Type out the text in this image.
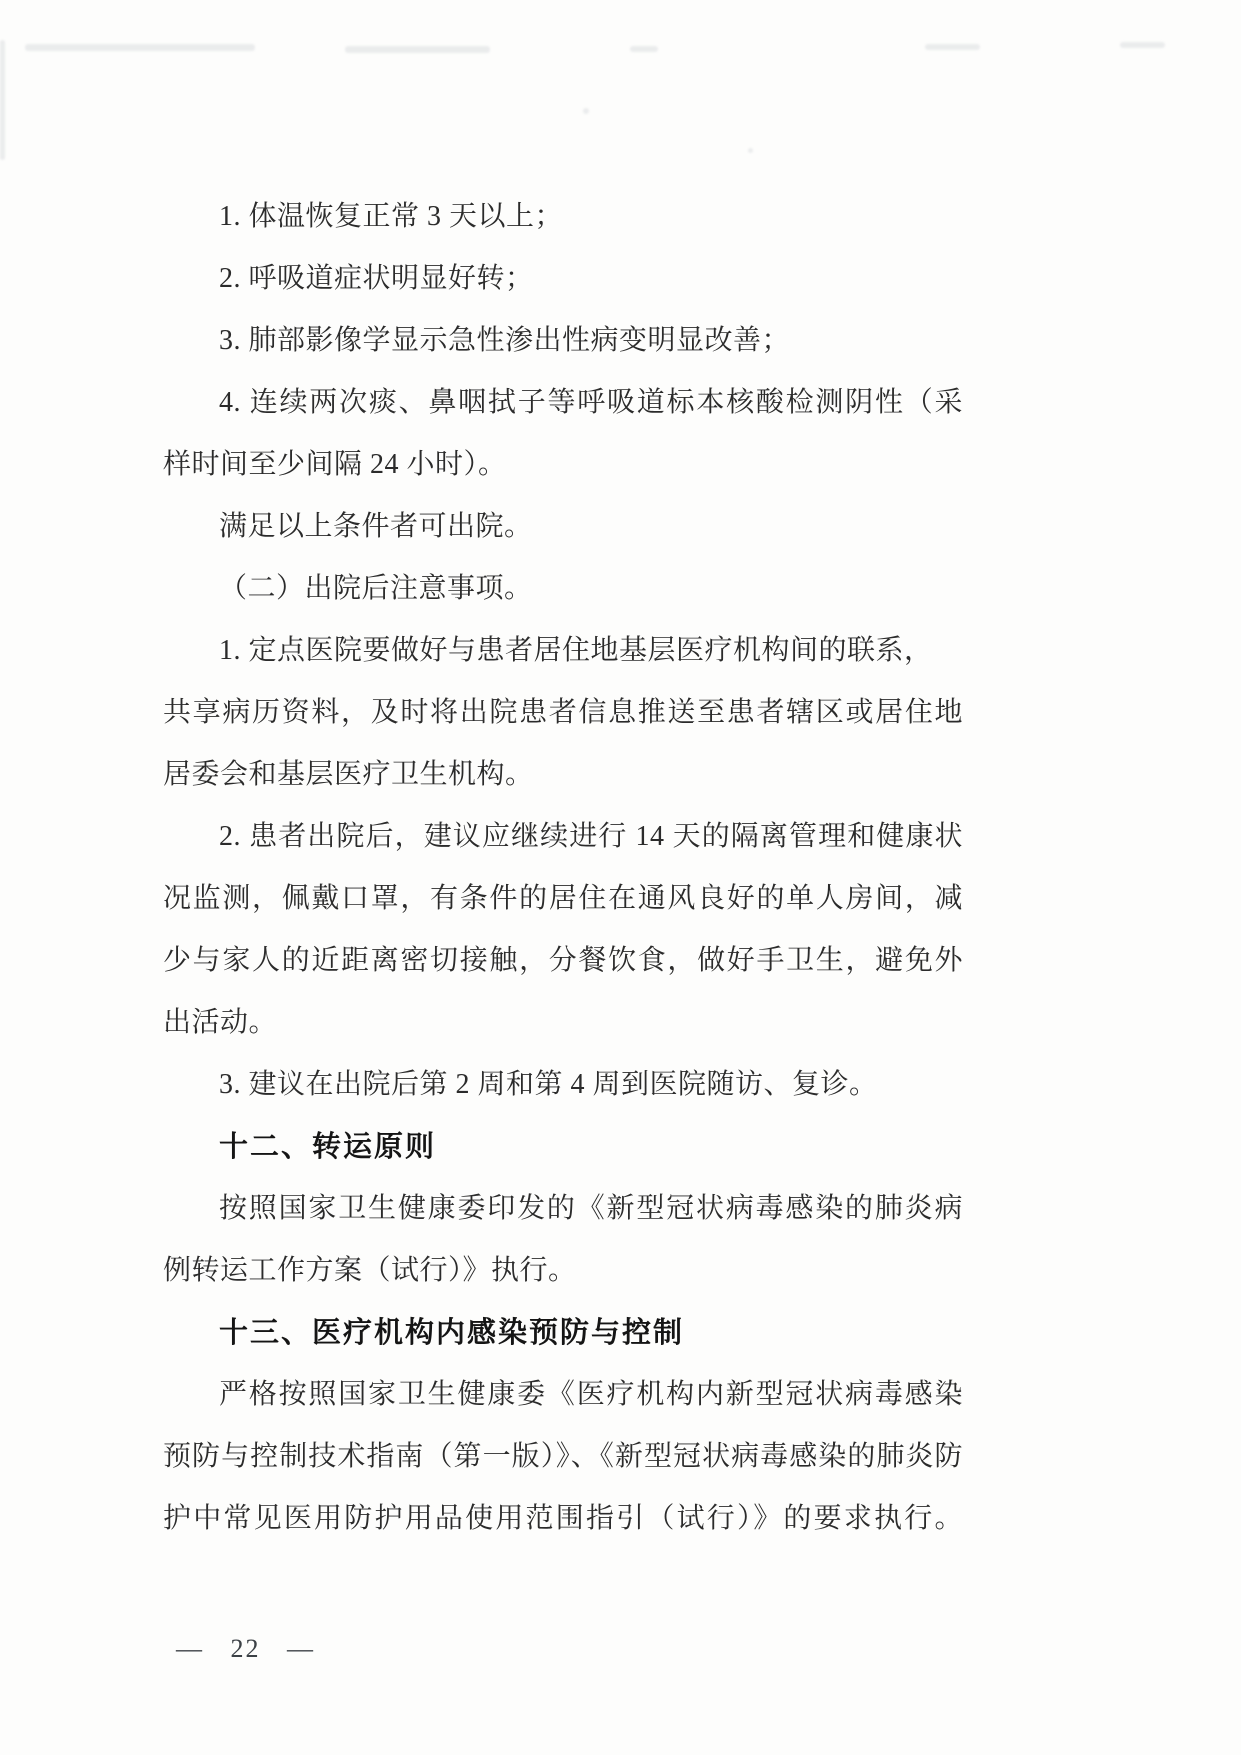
1. 体温恢复正常 3 天以上；

2. 呼吸道症状明显好转；

3. 肺部影像学显示急性渗出性病变明显改善；

4. 连续两次痰、鼻咽拭子等呼吸道标本核酸检测阴性（采

样时间至少间隔 24 小时）。

满足以上条件者可出院。

（二）出院后注意事项。

1. 定点医院要做好与患者居住地基层医疗机构间的联系，

共享病历资料，及时将出院患者信息推送至患者辖区或居住地

居委会和基层医疗卫生机构。

2. 患者出院后，建议应继续进行 14 天的隔离管理和健康状

况监测，佩戴口罩，有条件的居住在通风良好的单人房间，减

少与家人的近距离密切接触，分餐饮食，做好手卫生，避免外

出活动。

3. 建议在出院后第 2 周和第 4 周到医院随访、复诊。

十二、转运原则

按照国家卫生健康委印发的《新型冠状病毒感染的肺炎病

例转运工作方案（试行）》执行。

十三、医疗机构内感染预防与控制

严格按照国家卫生健康委《医疗机构内新型冠状病毒感染

预防与控制技术指南（第一版）》、《新型冠状病毒感染的肺炎防

护中常见医用防护用品使用范围指引（试行）》的要求执行。

— 22 —
